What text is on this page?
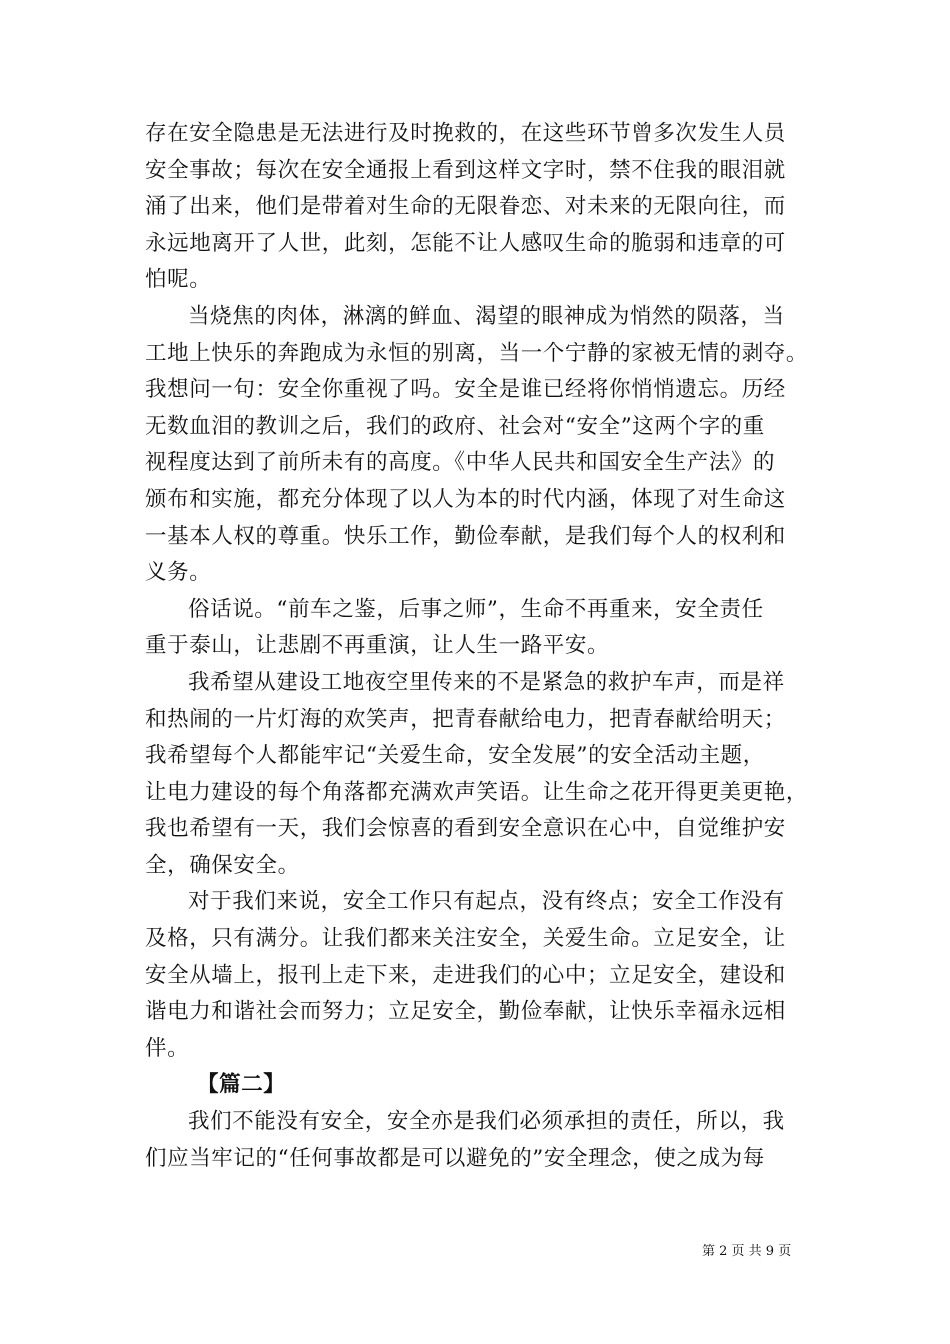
存在安全隐患是无法进行及时挽救的，在这些环节曾多次发生人员
安全事故；每次在安全通报上看到这样文字时，禁不住我的眼泪就
涌了出来，他们是带着对生命的无限眷恋、对未来的无限向往，而
永远地离开了人世，此刻，怎能不让人感叹生命的脆弱和违章的可
怕呢。
当烧焦的肉体，淋漓的鲜血、渴望的眼神成为悄然的陨落，当
工地上快乐的奔跑成为永恒的别离，当一个宁静的家被无情的剥夺。
我想问一句：安全你重视了吗。安全是谁已经将你悄悄遗忘。历经
无数血泪的教训之后，我们的政府、社会对“安全”这两个字的重
视程度达到了前所未有的高度。《中华人民共和国安全生产法》的
颁布和实施，都充分体现了以人为本的时代内涵，体现了对生命这
一基本人权的尊重。快乐工作，勤俭奉献，是我们每个人的权利和
义务。
俗话说。“前车之鉴，后事之师”，生命不再重来，安全责任
重于泰山，让悲剧不再重演，让人生一路平安。
我希望从建设工地夜空里传来的不是紧急的救护车声，而是祥
和热闹的一片灯海的欢笑声，把青春献给电力，把青春献给明天；
我希望每个人都能牢记“关爱生命，安全发展”的安全活动主题，
让电力建设的每个角落都充满欢声笑语。让生命之花开得更美更艳，
我也希望有一天，我们会惊喜的看到安全意识在心中，自觉维护安
全，确保安全。
对于我们来说，安全工作只有起点，没有终点；安全工作没有
及格，只有满分。让我们都来关注安全，关爱生命。立足安全，让
安全从墙上，报刊上走下来，走进我们的心中；立足安全，建设和
谐电力和谐社会而努力；立足安全，勤俭奉献，让快乐幸福永远相
伴。
【篇二】
我们不能没有安全，安全亦是我们必须承担的责任，所以，我
们应当牢记的“任何事故都是可以避免的”安全理念，使之成为每
第 2 页 共 9 页
